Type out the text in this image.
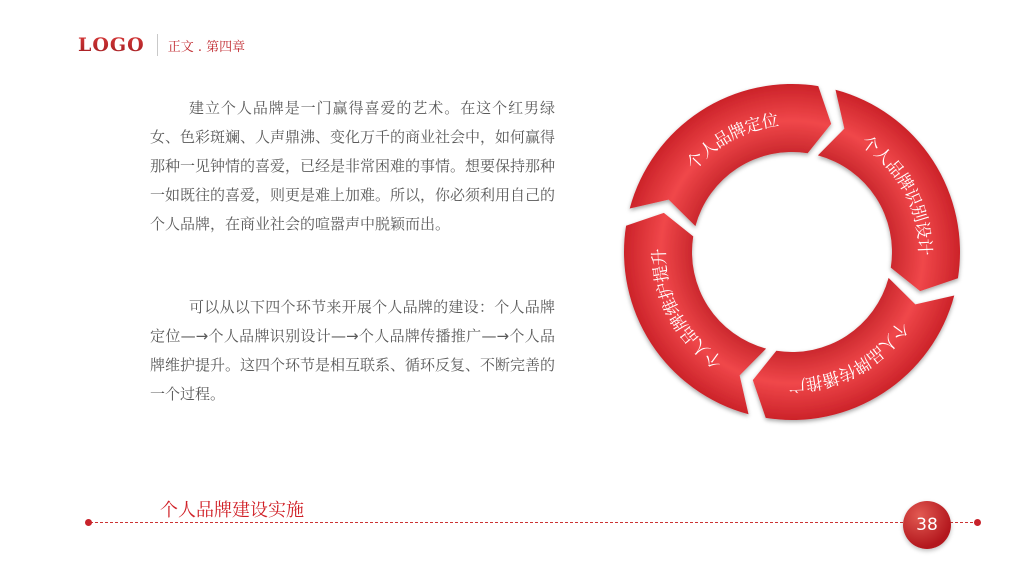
LOGO 正文 . 第四章

建立个人品牌是一门赢得喜爱的艺术。在这个红男绿女、色彩斑斓、人声鼎沸、变化万千的商业社会中，如何赢得那种一见钟情的喜爱，已经是非常困难的事情。想要保持那种一如既往的喜爱，则更是难上加难。所以，你必须利用自己的个人品牌，在商业社会的喧嚣声中脱颖而出。

可以从以下四个环节来开展个人品牌的建设：个人品牌定位—→个人品牌识别设计—→个人品牌传播推广—→个人品牌维护提升。这四个环节是相互联系、循环反复、不断完善的一个过程。

个人品牌定位
个人品牌识别设计
个人品牌传播推广
个人品牌维护提升
个人品牌建设实施
38
